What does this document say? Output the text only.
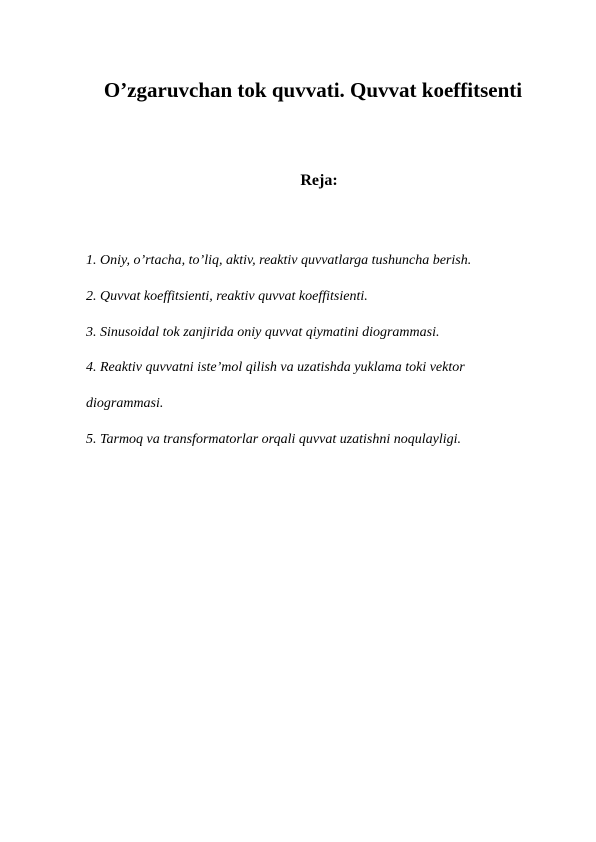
O’zgaruvchan tok quvvati. Quvvat koeffitsenti
Reja:
1. Oniy, o’rtacha, to’liq, aktiv, reaktiv quvvatlarga tushuncha berish.
2. Quvvat koeffitsienti, reaktiv quvvat koeffitsienti.
3. Sinusoidal tok zanjirida oniy quvvat qiymatini diogrammasi.
4. Reaktiv quvvatni iste’mol qilish va uzatishda yuklama toki vektor diogrammasi.
5. Tarmoq va transformatorlar orqali quvvat uzatishni noqulayligi.
